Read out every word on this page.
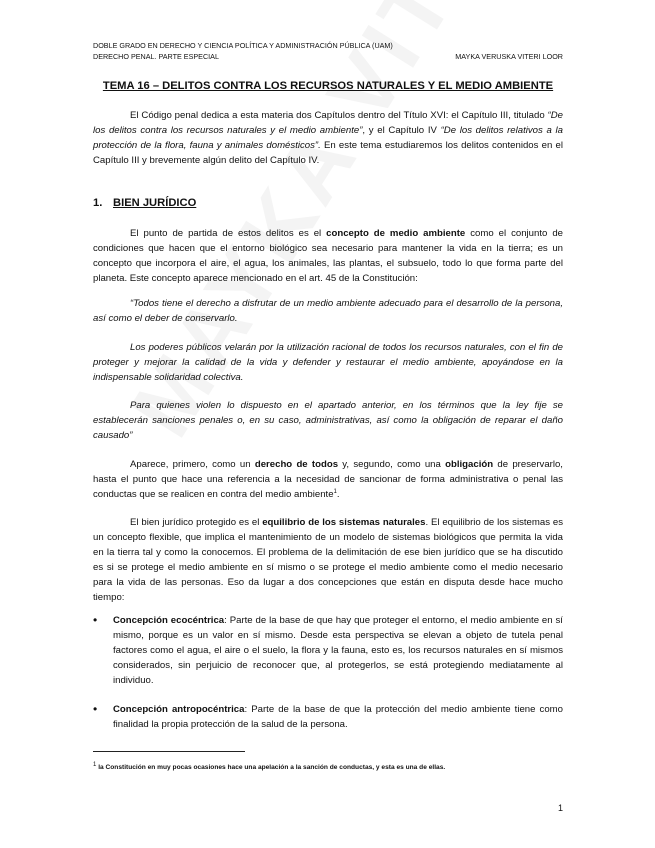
DOBLE GRADO EN DERECHO Y CIENCIA POLÍTICA Y ADMINISTRACIÓN PÚBLICA (UAM)
DERECHO PENAL. PARTE ESPECIAL	MAYKA VERUSKA VITERI LOOR
TEMA 16 – DELITOS CONTRA LOS RECURSOS NATURALES Y EL MEDIO AMBIENTE
El Código penal dedica a esta materia dos Capítulos dentro del Título XVI: el Capítulo III, titulado “De los delitos contra los recursos naturales y el medio ambiente”, y el Capítulo IV “De los delitos relativos a la protección de la flora, fauna y animales domésticos”. En este tema estudiaremos los delitos contenidos en el Capítulo III y brevemente algún delito del Capítulo IV.
1. BIEN JURÍDICO
El punto de partida de estos delitos es el concepto de medio ambiente como el conjunto de condiciones que hacen que el entorno biológico sea necesario para mantener la vida en la tierra; es un concepto que incorpora el aire, el agua, los animales, las plantas, el subsuelo, todo lo que forma parte del planeta. Este concepto aparece mencionado en el art. 45 de la Constitución:
“Todos tiene el derecho a disfrutar de un medio ambiente adecuado para el desarrollo de la persona, así como el deber de conservarlo.
Los poderes públicos velarán por la utilización racional de todos los recursos naturales, con el fin de proteger y mejorar la calidad de la vida y defender y restaurar el medio ambiente, apoyándose en la indispensable solidaridad colectiva.
Para quienes violen lo dispuesto en el apartado anterior, en los términos que la ley fije se establecerán sanciones penales o, en su caso, administrativas, así como la obligación de reparar el daño causado”
Aparece, primero, como un derecho de todos y, segundo, como una obligación de preservarlo, hasta el punto que hace una referencia a la necesidad de sancionar de forma administrativa o penal las conductas que se realicen en contra del medio ambiente$^1$.
El bien jurídico protegido es el equilibrio de los sistemas naturales. El equilibrio de los sistemas es un concepto flexible, que implica el mantenimiento de un modelo de sistemas biológicos que permita la vida en la tierra tal y como la conocemos. El problema de la delimitación de ese bien jurídico que se ha discutido es si se protege el medio ambiente en sí mismo o se protege el medio ambiente como el medio necesario para la vida de las personas. Eso da lugar a dos concepciones que están en disputa desde hace mucho tiempo:
• Concepción ecocéntrica: Parte de la base de que hay que proteger el entorno, el medio ambiente en sí mismo, porque es un valor en sí mismo. Desde esta perspectiva se elevan a objeto de tutela penal factores como el agua, el aire o el suelo, la flora y la fauna, esto es, los recursos naturales en sí mismos considerados, sin perjuicio de reconocer que, al protegerlos, se está protegiendo mediatamente al individuo.
• Concepción antropocéntrica: Parte de la base de que la protección del medio ambiente tiene como finalidad la propia protección de la salud de la persona.
$^1$ la Constitución en muy pocas ocasiones hace una apelación a la sanción de conductas, y esta es una de ellas.
1
